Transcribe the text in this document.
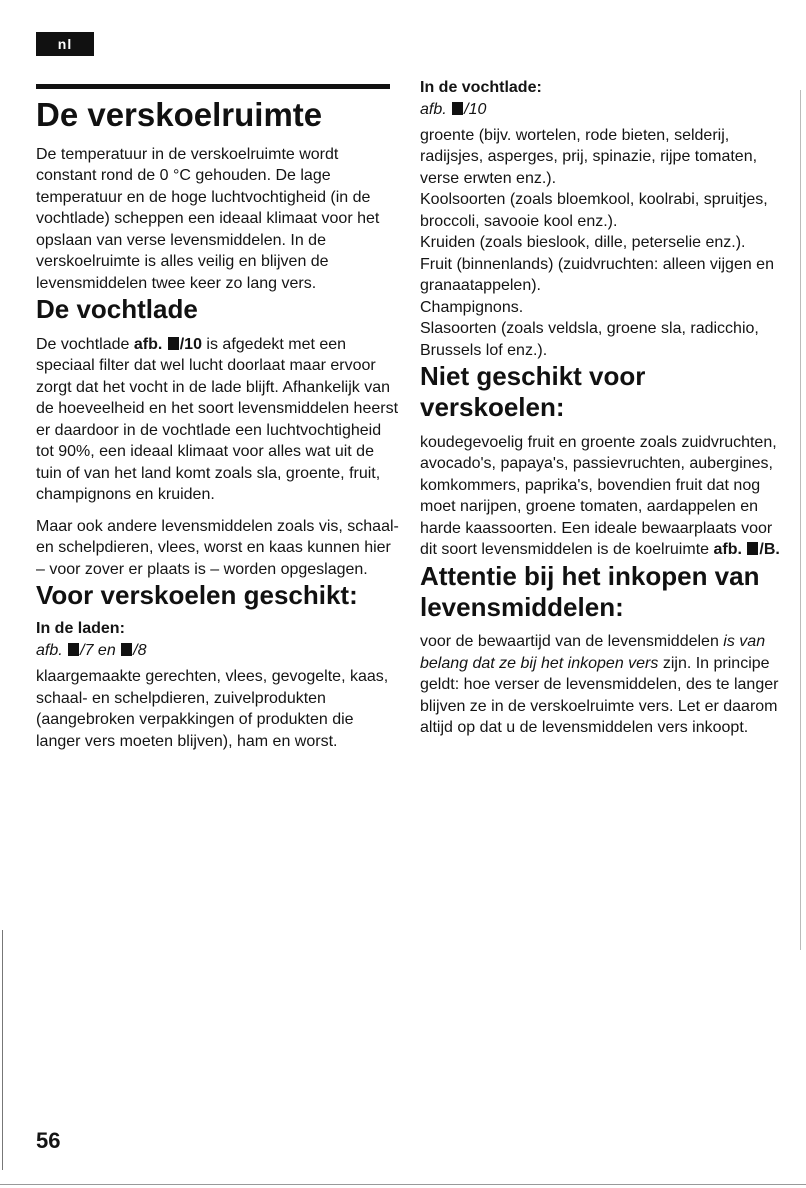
nl
De verskoelruimte

De temperatuur in de verskoelruimte wordt constant rond de 0 °C gehouden. De lage temperatuur en de hoge luchtvochtigheid (in de vochtlade) scheppen een ideaal klimaat voor het opslaan van verse levensmiddelen. In de verskoelruimte is alles veilig en blijven de levensmiddelen twee keer zo lang vers.

De vochtlade

De vochtlade afb. /10 is afgedekt met een speciaal filter dat wel lucht doorlaat maar ervoor zorgt dat het vocht in de lade blijft. Afhankelijk van de hoeveelheid en het soort levensmiddelen heerst er daardoor in de vochtlade een luchtvochtigheid tot 90%, een ideaal klimaat voor alles wat uit de tuin of van het land komt zoals sla, groente, fruit, champignons en kruiden.

Maar ook andere levensmiddelen zoals vis, schaal- en schelpdieren, vlees, worst en kaas kunnen hier – voor zover er plaats is – worden opgeslagen.

Voor verskoelen geschikt:
In de laden:
afb. /7 en /8

klaargemaakte gerechten, vlees, gevogelte, kaas, schaal- en schelpdieren, zuivelprodukten (aangebroken verpakkingen of produkten die langer vers moeten blijven), ham en worst.

In de vochtlade:
afb. /10

groente (bijv. wortelen, rode bieten, selderij, radijsjes, asperges, prij, spinazie, rijpe tomaten, verse erwten enz.).

Koolsoorten (zoals bloemkool, koolrabi, spruitjes, broccoli, savooie kool enz.).

Kruiden (zoals bieslook, dille, peterselie enz.).

Fruit (binnenlands) (zuidvruchten: alleen vijgen en granaatappelen).

Champignons.

Slasoorten (zoals veldsla, groene sla, radicchio, Brussels lof enz.).

Niet geschikt voor verskoelen:

koudegevoelig fruit en groente zoals zuidvruchten, avocado's, papaya's, passievruchten, aubergines, komkommers, paprika's, bovendien fruit dat nog moet narijpen, groene tomaten, aardappelen en harde kaassoorten. Een ideale bewaarplaats voor dit soort levensmiddelen is de koelruimte afb. /B.

Attentie bij het inkopen van levensmiddelen:

voor de bewaartijd van de levensmiddelen is van belang dat ze bij het inkopen vers zijn. In principe geldt: hoe verser de levensmiddelen, des te langer blijven ze in de verskoelruimte vers. Let er daarom altijd op dat u de levensmiddelen vers inkoopt.

56
